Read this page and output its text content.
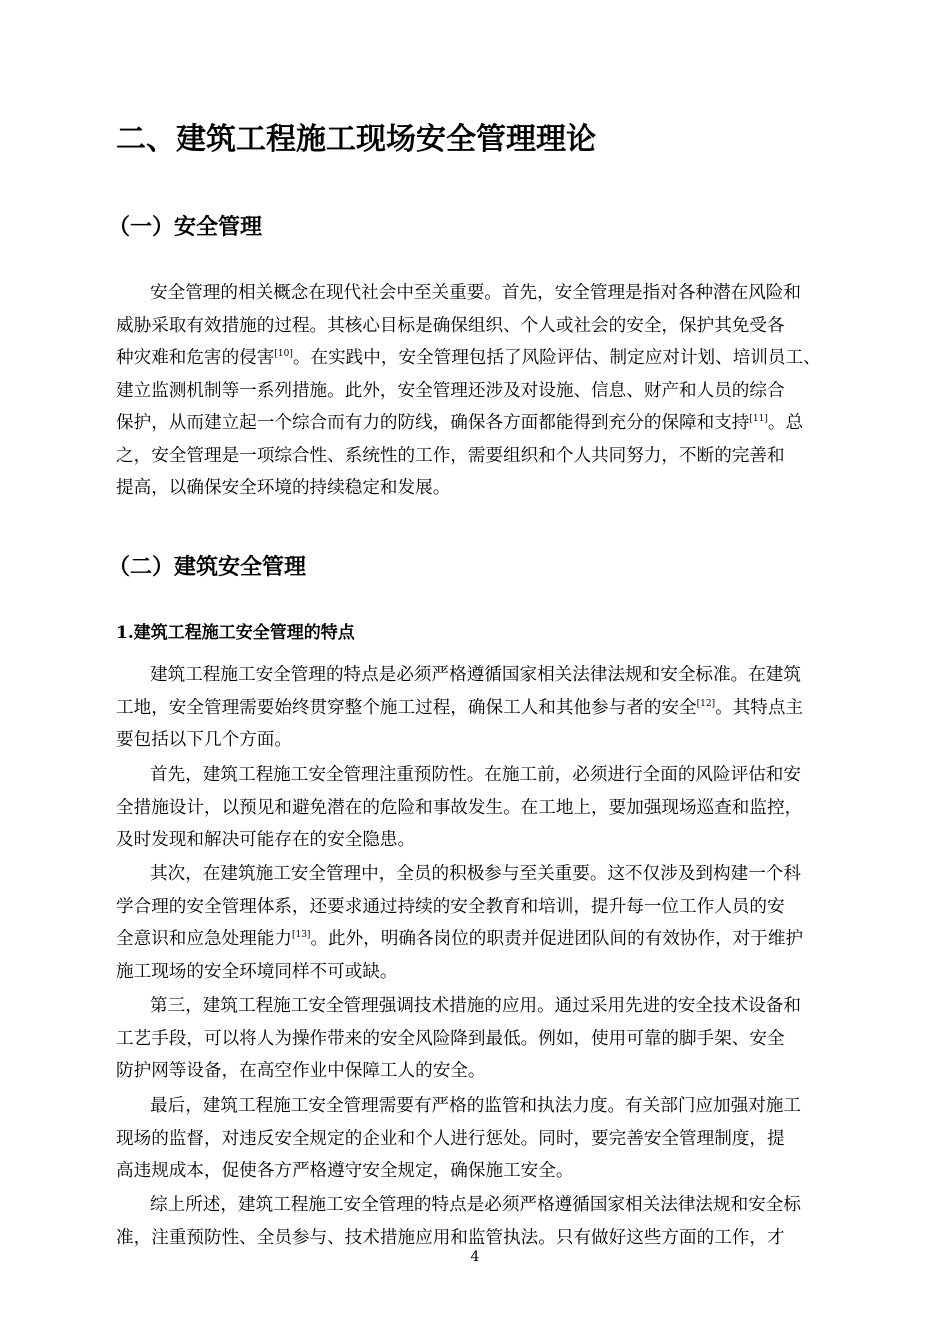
二、建筑工程施工现场安全管理理论
（一）安全管理
安全管理的相关概念在现代社会中至关重要。首先，安全管理是指对各种潜在风险和
威胁采取有效措施的过程。其核心目标是确保组织、个人或社会的安全，保护其免受各
种灾难和危害的侵害[10]。在实践中，安全管理包括了风险评估、制定应对计划、培训员工、
建立监测机制等一系列措施。此外，安全管理还涉及对设施、信息、财产和人员的综合
保护，从而建立起一个综合而有力的防线，确保各方面都能得到充分的保障和支持[11]。总
之，安全管理是一项综合性、系统性的工作，需要组织和个人共同努力，不断的完善和
提高，以确保安全环境的持续稳定和发展。
（二）建筑安全管理
1.建筑工程施工安全管理的特点
建筑工程施工安全管理的特点是必须严格遵循国家相关法律法规和安全标准。在建筑
工地，安全管理需要始终贯穿整个施工过程，确保工人和其他参与者的安全[12]。其特点主
要包括以下几个方面。
首先，建筑工程施工安全管理注重预防性。在施工前，必须进行全面的风险评估和安
全措施设计，以预见和避免潜在的危险和事故发生。在工地上，要加强现场巡查和监控，
及时发现和解决可能存在的安全隐患。
其次，在建筑施工安全管理中，全员的积极参与至关重要。这不仅涉及到构建一个科
学合理的安全管理体系，还要求通过持续的安全教育和培训，提升每一位工作人员的安
全意识和应急处理能力[13]。此外，明确各岗位的职责并促进团队间的有效协作，对于维护
施工现场的安全环境同样不可或缺。
第三，建筑工程施工安全管理强调技术措施的应用。通过采用先进的安全技术设备和
工艺手段，可以将人为操作带来的安全风险降到最低。例如，使用可靠的脚手架、安全
防护网等设备，在高空作业中保障工人的安全。
最后，建筑工程施工安全管理需要有严格的监管和执法力度。有关部门应加强对施工
现场的监督，对违反安全规定的企业和个人进行惩处。同时，要完善安全管理制度，提
高违规成本，促使各方严格遵守安全规定，确保施工安全。
综上所述，建筑工程施工安全管理的特点是必须严格遵循国家相关法律法规和安全标
准，注重预防性、全员参与、技术措施应用和监管执法。只有做好这些方面的工作，才
4
